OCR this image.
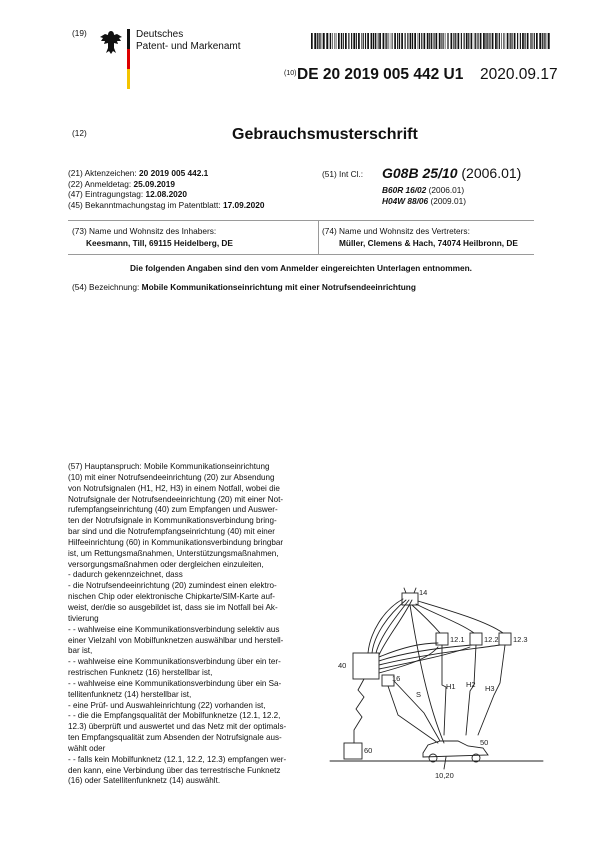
(19)	Deutsches
Patent- und Markenamt
(10) DE 20 2019 005 442 U1 2020.09.17
(12)	Gebrauchsmusterschrift
(21) Aktenzeichen: 20 2019 005 442.1
(22) Anmeldetag: 25.09.2019
(47) Eintragungstag: 12.08.2020
(45) Bekanntmachungstag im Patentblatt: 17.09.2020
(51) Int Cl.: G08B 25/10 (2006.01)
B60R 16/02 (2006.01)
H04W 88/06 (2009.01)
(73) Name und Wohnsitz des Inhabers:
Keesmann, Till, 69115 Heidelberg, DE
(74) Name und Wohnsitz des Vertreters:
Müller, Clemens & Hach, 74074 Heilbronn, DE
Die folgenden Angaben sind den vom Anmelder eingereichten Unterlagen entnommen.
(54) Bezeichnung: Mobile Kommunikationseinrichtung mit einer Notrufsendeeinrichtung

(57) Hauptanspruch: Mobile Kommunikationseinrichtung

(10) mit einer Notrufsendeeinrichtung (20) zur Absendung

von Notrufsignalen (H1, H2, H3) in einem Notfall, wobei die

Notrufsignale der Notrufsendeeinrichtung (20) mit einer Not-

rufempfangseinrichtung (40) zum Empfangen und Auswer-

ten der Notrufsignale in Kommunikationsverbindung bring-

bar sind und die Notrufempfangseinrichtung (40) mit einer

Hilfeeinrichtung (60) in Kommunikationsverbindung bringbar

ist, um Rettungsmaßnahmen, Unterstützungsmaßnahmen,

versorgungsmaßnahmen oder dergleichen einzuleiten,

- dadurch gekennzeichnet, dass

- die Notrufsendeeinrichtung (20) zumindest einen elektro-

nischen Chip oder elektronische Chipkarte/SIM-Karte auf-

weist, der/die so ausgebildet ist, dass sie im Notfall bei Ak-

tivierung

- - wahlweise eine Kommunikationsverbindung selektiv aus

einer Vielzahl von Mobilfunknetzen auswählbar und herstell-

bar ist,

- - wahlweise eine Kommunikationsverbindung über ein ter-

restrischen Funknetz (16) herstellbar ist,

- - wahlweise eine Kommunikationsverbindung über ein Sa-

tellitenfunknetz (14) herstellbar ist,

- eine Prüf- und Auswahleinrichtung (22) vorhanden ist,

- - die die Empfangsqualität der Mobilfunknetze (12.1, 12.2,

12.3) überprüft und auswertet und das Netz mit der optimals-

ten Empfangsqualität zum Absenden der Notrufsignale aus-

wählt oder

- - falls kein Mobilfunknetz (12.1, 12.2, 12.3) empfangen wer-

den kann, eine Verbindung über das terrestrische Funknetz

(16) oder Satellitenfunknetz (14) auswählt.

14
40
16
12.1	12.2 12.3
S
H1 H2 H3
60
50
10,20
